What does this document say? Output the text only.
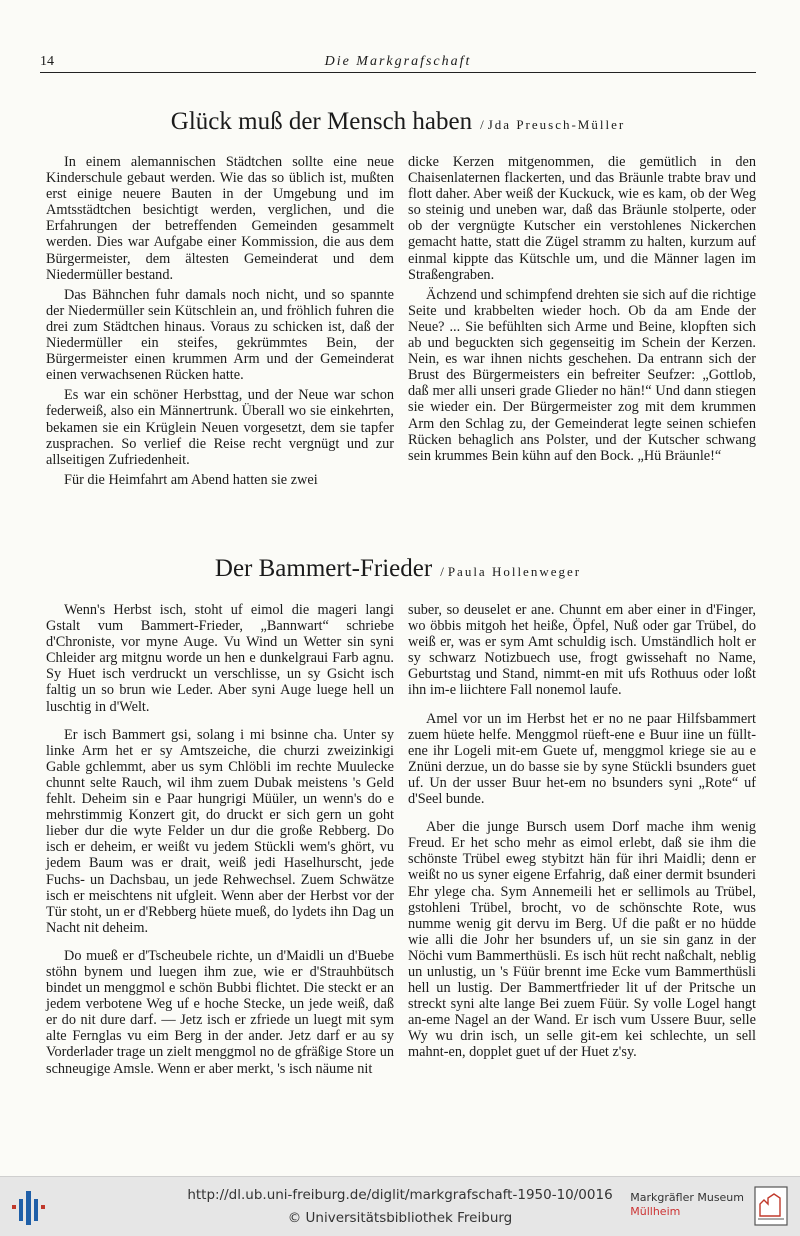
14	Die Markgrafschaft
Glück muß der Mensch haben / Jda Preusch-Müller

In einem alemannischen Städtchen sollte eine neue Kinderschule gebaut werden. Wie das so üblich ist, mußten erst einige neuere Bauten in der Umgebung und im Amtsstädtchen besichtigt werden, verglichen, und die Erfahrungen der betreffenden Gemeinden gesammelt werden. Dies war Aufgabe einer Kommission, die aus dem Bürgermeister, dem ältesten Gemeinderat und dem Niedermüller bestand.

Das Bähnchen fuhr damals noch nicht, und so spannte der Niedermüller sein Kütschlein an, und fröhlich fuhren die drei zum Städtchen hinaus. Voraus zu schicken ist, daß der Niedermüller ein steifes, gekrümmtes Bein, der Bürgermeister einen krummen Arm und der Gemeinderat einen verwachsenen Rücken hatte.

Es war ein schöner Herbsttag, und der Neue war schon federweiß, also ein Männertrunk. Überall wo sie einkehrten, bekamen sie ein Krüglein Neuen vorgesetzt, dem sie tapfer zusprachen. So verlief die Reise recht vergnügt und zur allseitigen Zufriedenheit.

Für die Heimfahrt am Abend hatten sie zwei

dicke Kerzen mitgenommen, die gemütlich in den Chaisenlaternen flackerten, und das Bräunle trabte brav und flott daher. Aber weiß der Kuckuck, wie es kam, ob der Weg so steinig und uneben war, daß das Bräunle stolperte, oder ob der vergnügte Kutscher ein verstohlenes Nickerchen gemacht hatte, statt die Zügel stramm zu halten, kurzum auf einmal kippte das Kütschle um, und die Männer lagen im Straßengraben.

Ächzend und schimpfend drehten sie sich auf die richtige Seite und krabbelten wieder hoch. Ob da am Ende der Neue? ... Sie befühlten sich Arme und Beine, klopften sich ab und beguckten sich gegenseitig im Schein der Kerzen. Nein, es war ihnen nichts geschehen. Da entrann sich der Brust des Bürgermeisters ein befreiter Seufzer: „Gottlob, daß mer alli unseri grade Glieder no hän!“ Und dann stiegen sie wieder ein. Der Bürgermeister zog mit dem krummen Arm den Schlag zu, der Gemeinderat legte seinen schiefen Rücken behaglich ans Polster, und der Kutscher schwang sein krummes Bein kühn auf den Bock. „Hü Bräunle!“

Der Bammert-Frieder / Paula Hollenweger

Wenn's Herbst isch, stoht uf eimol die mageri langi Gstalt vum Bammert-Frieder, „Bannwart“ schriebe d'Chroniste, vor myne Auge. Vu Wind un Wetter sin syni Chleider arg mitgnu worde un hen e dunkelgraui Farb agnu. Sy Huet isch verdruckt un verschlisse, un sy Gsicht isch faltig un so brun wie Leder. Aber syni Auge luege hell un luschtig in d'Welt.

Er isch Bammert gsi, solang i mi bsinne cha. Unter sy linke Arm het er sy Amtszeiche, die churzi zweizinkigi Gable gchlemmt, aber us sym Chlöbli im rechte Muulecke chunnt selte Rauch, wil ihm zuem Dubak meistens 's Geld fehlt. Deheim sin e Paar hungrigi Müüler, un wenn's do e mehrstimmig Konzert git, do druckt er sich gern un goht lieber dur die wyte Felder un dur die große Rebberg. Do isch er deheim, er weißt vu jedem Stückli wem's ghört, vu jedem Baum was er drait, weiß jedi Haselhurscht, jede Fuchs- un Dachsbau, un jede Rehwechsel. Zuem Schwätze isch er meischtens nit ufgleit. Wenn aber der Herbst vor der Tür stoht, un er d'Rebberg hüete mueß, do lydets ihn Dag un Nacht nit deheim.

Do mueß er d'Tscheubele richte, un d'Maidli un d'Buebe stöhn bynem und luegen ihm zue, wie er d'Strauhbütsch bindet un menggmol e schön Bubbi flichtet. Die steckt er an jedem verbotene Weg uf e hoche Stecke, un jede weiß, daß er do nit dure darf. — Jetz isch er zfriede un luegt mit sym alte Fernglas vu eim Berg in der ander. Jetz darf er au sy Vorderlader trage un zielt menggmol no de gfräßige Store un schneugige Amsle. Wenn er aber merkt, 's isch näume nit

suber, so deuselet er ane. Chunnt em aber einer in d'Finger, wo öbbis mitgoh het heiße, Öpfel, Nuß oder gar Trübel, do weiß er, was er sym Amt schuldig isch. Umständlich holt er sy schwarz Notizbuech use, frogt gwissehaft no Name, Geburtstag und Stand, nimmt-en mit ufs Rothuus oder loßt ihn im-e liichtere Fall nonemol laufe.

Amel vor un im Herbst het er no ne paar Hilfsbammert zuem hüete helfe. Menggmol rüeft-ene e Buur iine un füllt-ene ihr Logeli mit-em Guete uf, menggmol kriege sie au e Znüni derzue, un do basse sie by syne Stückli bsunders guet uf. Un der usser Buur het-em no bsunders syni „Rote“ uf d'Seel bunde.

Aber die junge Bursch usem Dorf mache ihm wenig Freud. Er het scho mehr as eimol erlebt, daß sie ihm die schönste Trübel eweg stybitzt hän für ihri Maidli; denn er weißt no us syner eigene Erfahrig, daß einer dermit bsunderi Ehr ylege cha. Sym Annemeili het er sellimols au Trübel, gstohleni Trübel, brocht, vo de schönschte Rote, wus numme wenig git dervu im Berg. Uf die paßt er no hüdde wie alli die Johr her bsunders uf, un sie sin ganz in der Nöchi vum Bammerthüsli. Es isch hüt recht naßchalt, neblig un unlustig, un 's Füür brennt ime Ecke vum Bammerthüsli hell un lustig. Der Bammertfrieder lit uf der Pritsche un streckt syni alte lange Bei zuem Füür. Sy volle Logel hangt an-eme Nagel an der Wand. Er isch vum Ussere Buur, selle Wy wu drin isch, un selle git-em kei schlechte, un sell mahnt-en, dopplet guet uf der Huet z'sy.

http://dl.ub.uni-freiburg.de/diglit/markgrafschaft-1950-10/0016
© Universitätsbibliothek Freiburg
Markgräfler Museum
Müllheim
